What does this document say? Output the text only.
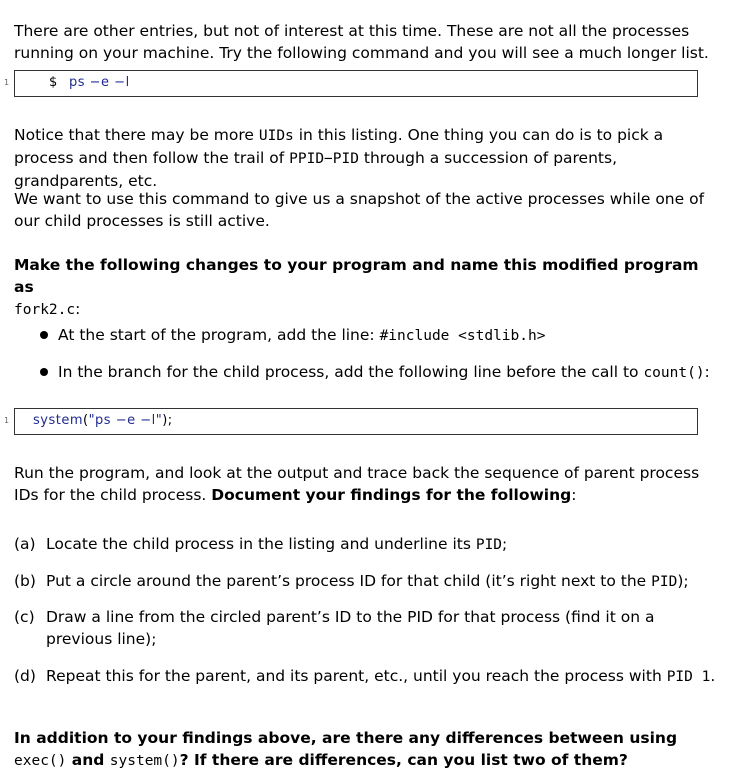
There are other entries, but not of interest at this time. These are not all the processes running on your machine. Try the following command and you will see a much longer list.

1	$ ps −e −l

Notice that there may be more UIDs in this listing. One thing you can do is to pick a process and then follow the trail of PPID−PID through a succession of parents, grandparents, etc.

We want to use this command to give us a snapshot of the active processes while one of our child processes is still active.

Make the following changes to your program and name this modified program as
fork2.c:

At the start of the program, add the line: #include <stdlib.h>

In the branch for the child process, add the following line before the call to count():

1 system("ps −e −l");

Run the program, and look at the output and trace back the sequence of parent process IDs for the child process. Document your findings for the following:

(a) Locate the child process in the listing and underline its PID;

(b) Put a circle around the parent’s process ID for that child (it’s right next to the PID);

(c) Draw a line from the circled parent’s ID to the PID for that process (find it on a previous line);

(d) Repeat this for the parent, and its parent, etc., until you reach the process with PID 1.

In addition to your findings above, are there any differences between using exec() and system()? If there are differences, can you list two of them?
